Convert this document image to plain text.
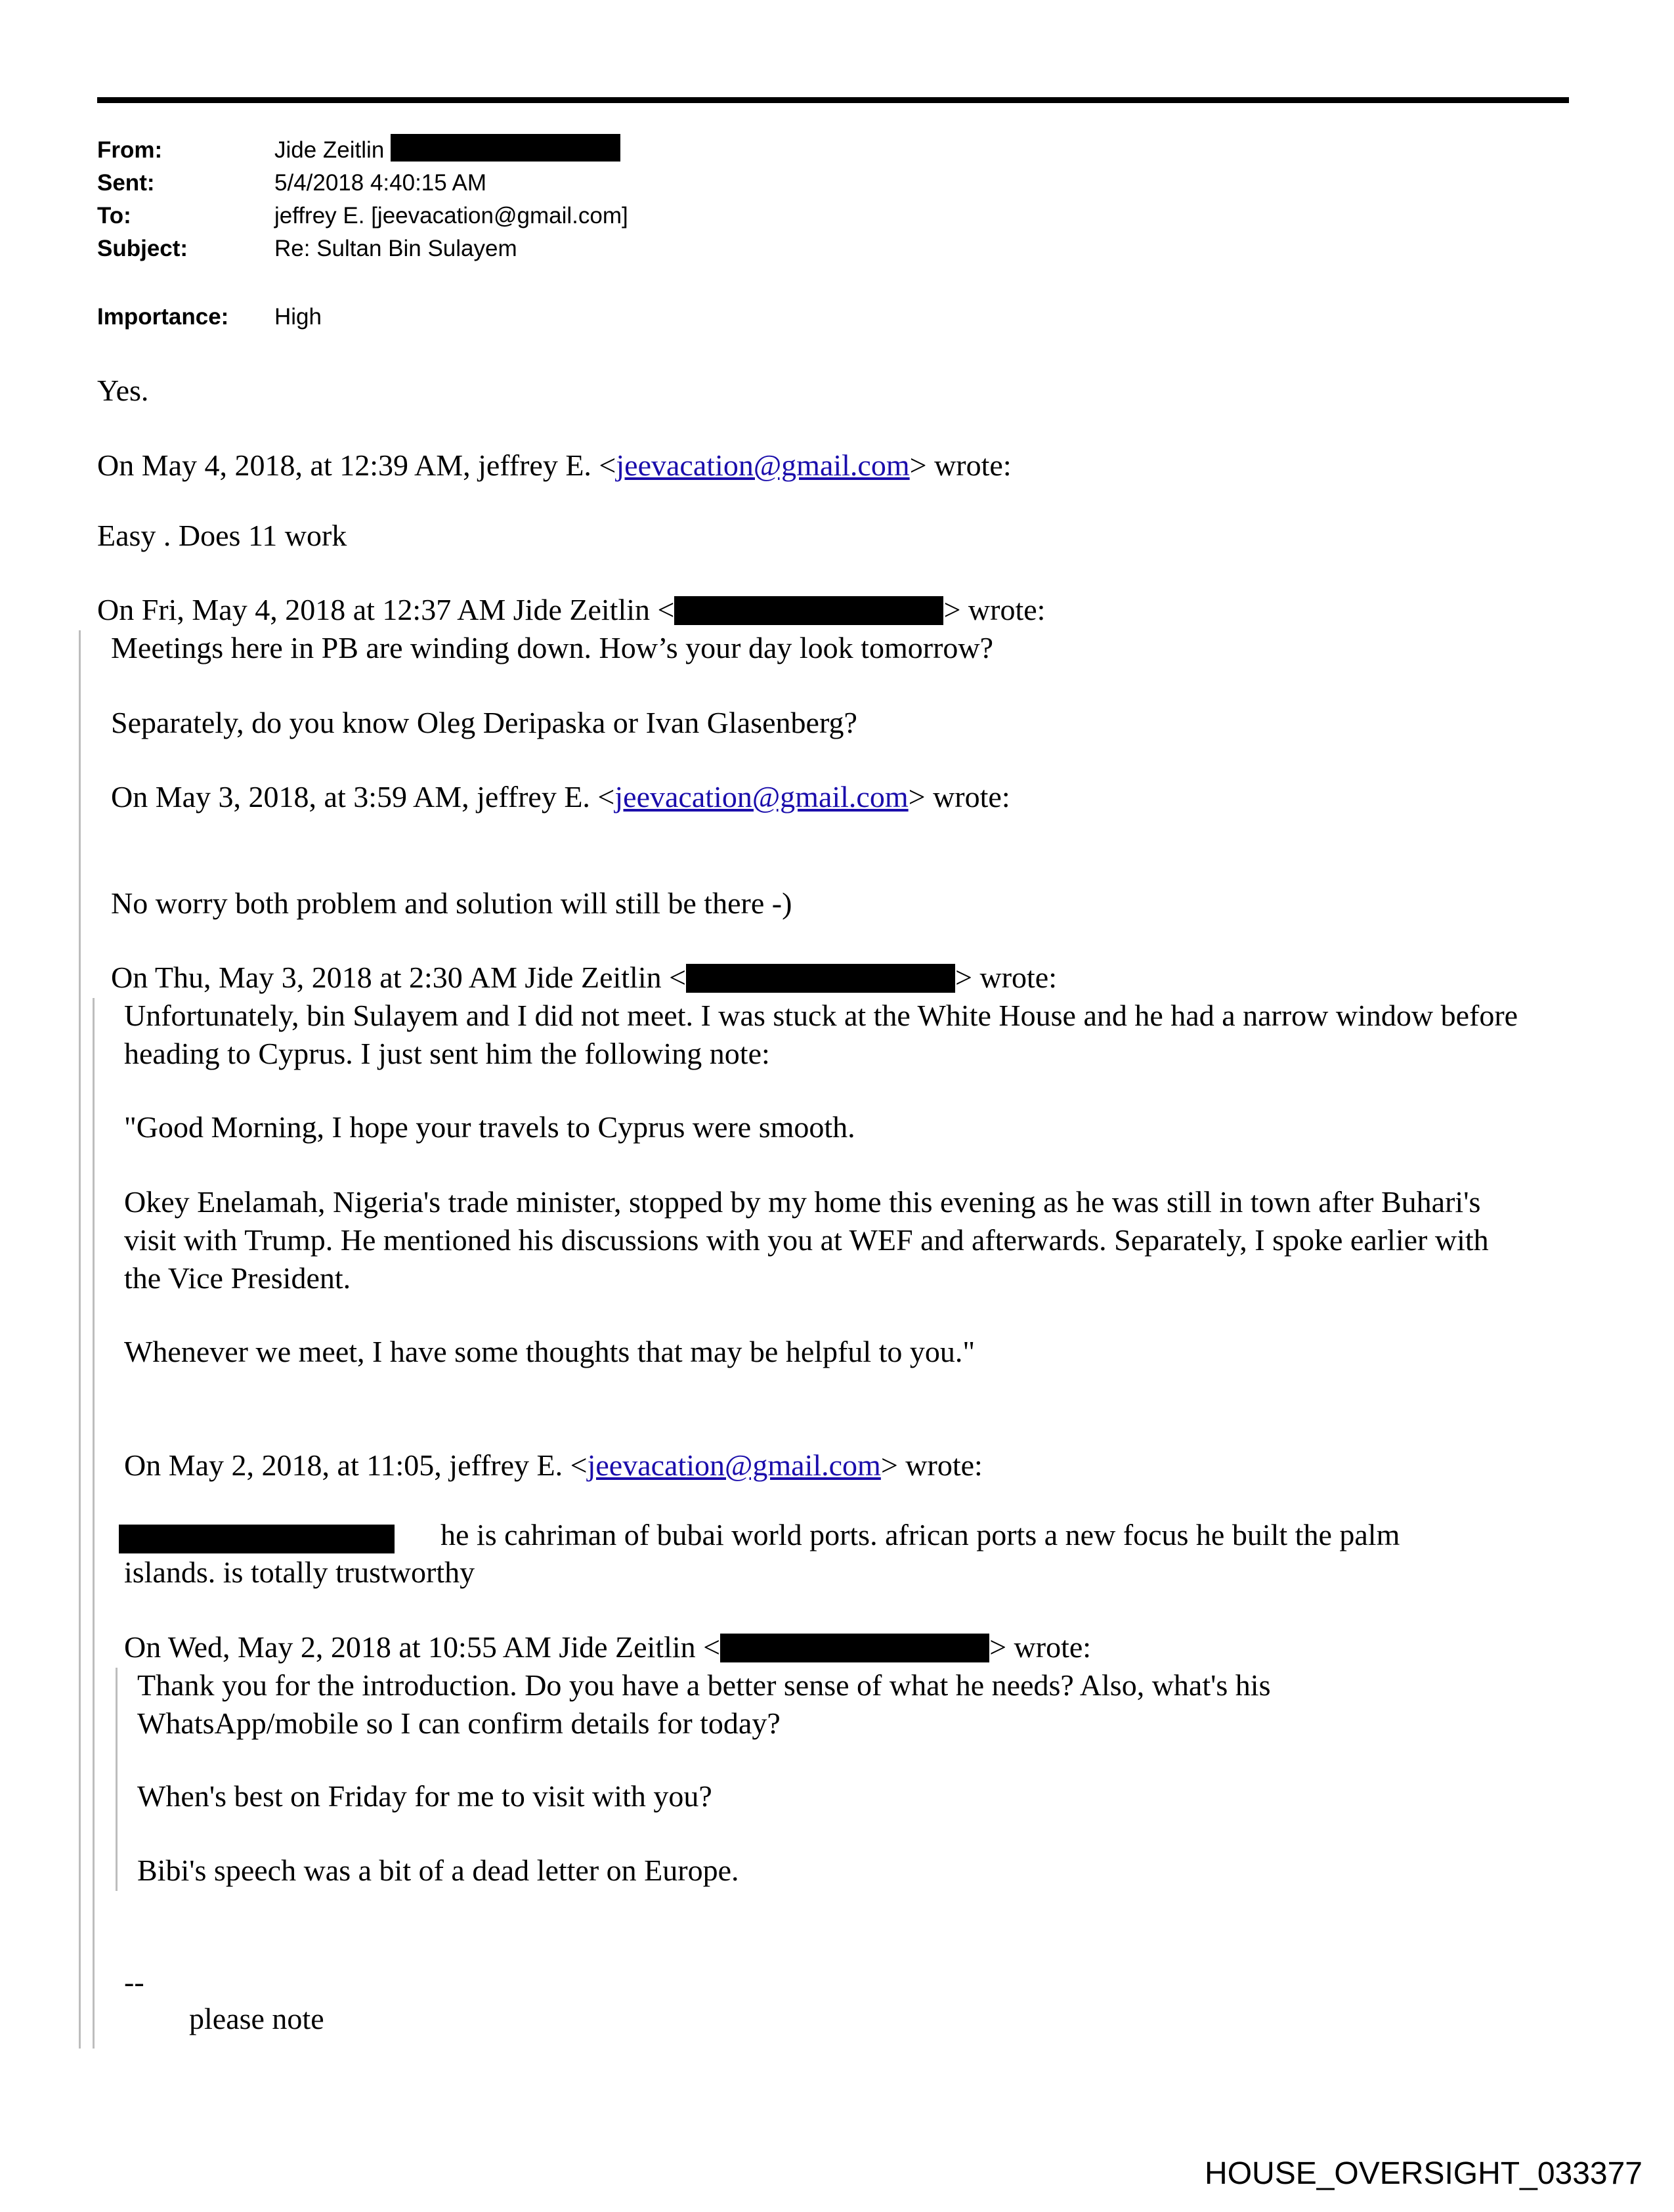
From:	Jide Zeitlin
Sent:	5/4/2018 4:40:15 AM
To:	jeffrey E. [jeevacation@gmail.com]
Subject:	Re: Sultan Bin Sulayem
Importance: High
Yes.
On May 4, 2018, at 12:39 AM, jeffrey E. <jeevacation@gmail.com> wrote:
Easy . Does 11 work
On Fri, May 4, 2018 at 12:37 AM Jide Zeitlin <	> wrote:
Meetings here in PB are winding down. How’s your day look tomorrow?
Separately, do you know Oleg Deripaska or Ivan Glasenberg?
On May 3, 2018, at 3:59 AM, jeffrey E. <jeevacation@gmail.com> wrote:
No worry both problem and solution will still be there -)
On Thu, May 3, 2018 at 2:30 AM Jide Zeitlin <	> wrote:
Unfortunately, bin Sulayem and I did not meet. I was stuck at the White House and he had a narrow window before heading to Cyprus. I just sent him the following note:
"Good Morning, I hope your travels to Cyprus were smooth.
Okey Enelamah, Nigeria's trade minister, stopped by my home this evening as he was still in town after Buhari's visit with Trump. He mentioned his discussions with you at WEF and afterwards. Separately, I spoke earlier with the Vice President.
Whenever we meet, I have some thoughts that may be helpful to you."
On May 2, 2018, at 11:05, jeffrey E. <jeevacation@gmail.com> wrote:
he is cahriman of bubai world ports. african ports a new focus he built the palm
islands. is totally trustworthy
On Wed, May 2, 2018 at 10:55 AM Jide Zeitlin <	> wrote:
Thank you for the introduction. Do you have a better sense of what he needs? Also, what's his WhatsApp/mobile so I can confirm details for today?
When's best on Friday for me to visit with you?
Bibi's speech was a bit of a dead letter on Europe.
--
please note
HOUSE_OVERSIGHT_033377
